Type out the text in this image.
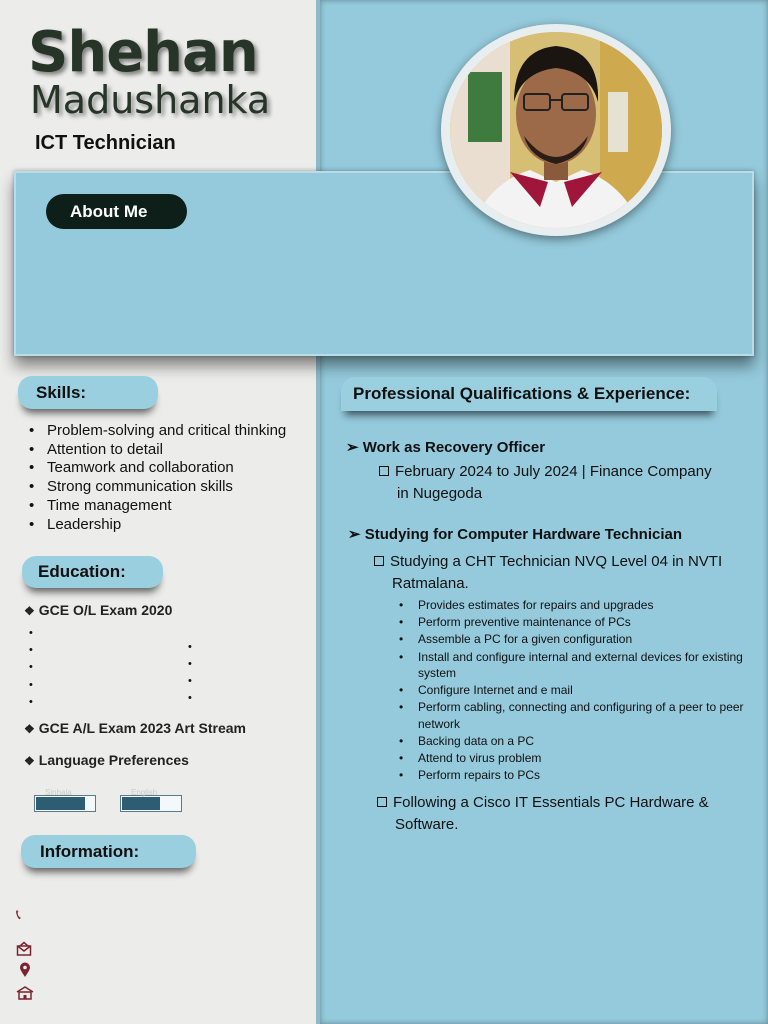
Shehan
Madushanka
ICT Technician
About Me
Skills:
• Problem-solving and critical thinking
• Attention to detail
• Teamwork and collaboration
• Strong communication skills
• Time management
• Leadership
Education:
❖ GCE O/L Exam 2020
•
•
•
•
•
•
•
•
•
❖ GCE A/L Exam 2023 Art Stream
❖ Language Preferences
Sinhala	English
Information:
📞︎
Professional Qualifications & Experience:
➢ Work as Recovery Officer
February 2024 to July 2024 | Finance Company
in Nugegoda
➢ Studying for Computer Hardware Technician
Studying a CHT Technician NVQ Level 04 in NVTI
Ratmalana.
• Provides estimates for repairs and upgrades
• Perform preventive maintenance of PCs
• Assemble a PC for a given configuration
• Install and configure internal and external devices for existing system
• Configure Internet and e mail
• Perform cabling, connecting and configuring of a peer to peer network
• Backing data on a PC
• Attend to virus problem
• Perform repairs to PCs
Following a Cisco IT Essentials PC Hardware &
Software.
